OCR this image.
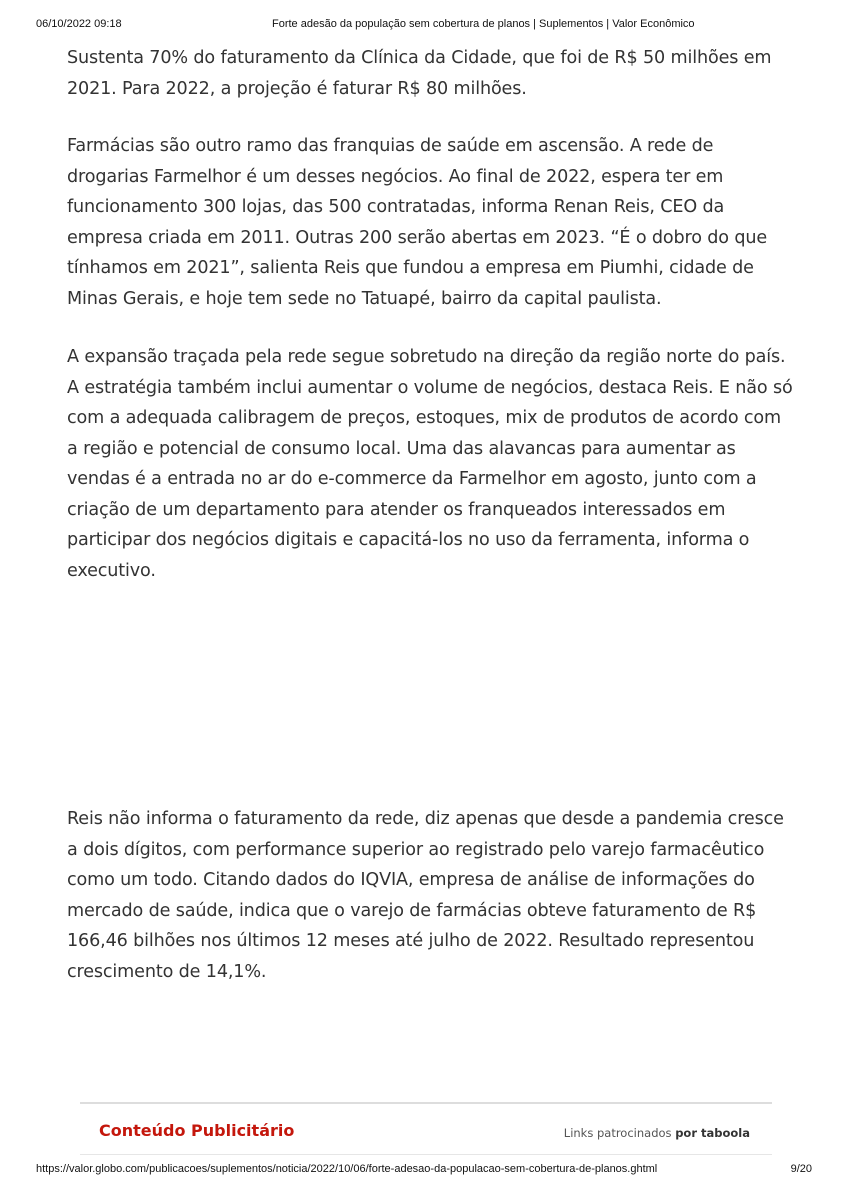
06/10/2022 09:18	Forte adesão da população sem cobertura de planos | Suplementos | Valor Econômico

Sustenta 70% do faturamento da Clínica da Cidade, que foi de R$ 50 milhões em 2021. Para 2022, a projeção é faturar R$ 80 milhões.

Farmácias são outro ramo das franquias de saúde em ascensão. A rede de drogarias Farmelhor é um desses negócios. Ao final de 2022, espera ter em funcionamento 300 lojas, das 500 contratadas, informa Renan Reis, CEO da empresa criada em 2011. Outras 200 serão abertas em 2023. “É o dobro do que tínhamos em 2021”, salienta Reis que fundou a empresa em Piumhi, cidade de Minas Gerais, e hoje tem sede no Tatuapé, bairro da capital paulista.

A expansão traçada pela rede segue sobretudo na direção da região norte do país. A estratégia também inclui aumentar o volume de negócios, destaca Reis. E não só com a adequada calibragem de preços, estoques, mix de produtos de acordo com a região e potencial de consumo local. Uma das alavancas para aumentar as vendas é a entrada no ar do e-commerce da Farmelhor em agosto, junto com a criação de um departamento para atender os franqueados interessados em participar dos negócios digitais e capacitá-los no uso da ferramenta, informa o executivo.

Reis não informa o faturamento da rede, diz apenas que desde a pandemia cresce a dois dígitos, com performance superior ao registrado pelo varejo farmacêutico como um todo. Citando dados do IQVIA, empresa de análise de informações do mercado de saúde, indica que o varejo de farmácias obteve faturamento de R$ 166,46 bilhões nos últimos 12 meses até julho de 2022. Resultado representou crescimento de 14,1%.

Conteúdo Publicitário	Links patrocinados por taboola
https://valor.globo.com/publicacoes/suplementos/noticia/2022/10/06/forte-adesao-da-populacao-sem-cobertura-de-planos.ghtml	9/20
